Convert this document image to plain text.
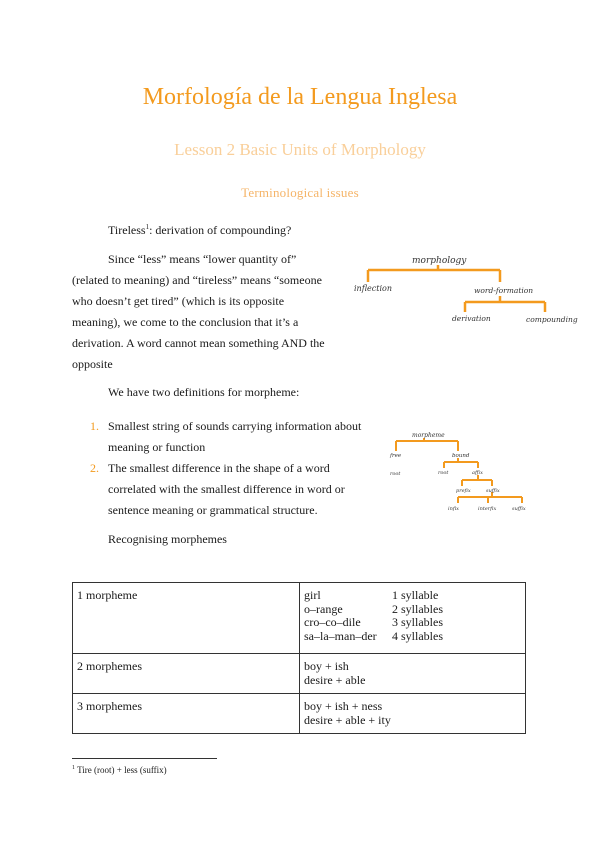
Morfología de la Lengua Inglesa
Lesson 2 Basic Units of Morphology
Terminological issues
Tireless$^1$: derivation of compounding?
Since “less” means “lower quantity of” (related to meaning) and “tireless” means “someone who doesn’t get tired” (which is its opposite meaning), we come to the conclusion that it’s a derivation. A word cannot mean something AND the opposite
morphology
inflection	word-formation
derivation	compounding
We have two definitions for morpheme:
1. Smallest string of sounds carrying information about meaning or function
2. The smallest difference in the shape of a word correlated with the smallest difference in word or sentence meaning or grammatical structure.
morpheme
free	bound
root	root	affix
prefix	suffix
infix	interfix	suffix
Recognising morphemes
1 morpheme	girl 1 syllable
o–range 2 syllables
cro–co–dile 3 syllables
sa–la–man–der 4 syllables

2 morphemes	boy + ish
desire + able

3 morphemes	boy + ish + ness
desire + able + ity
$^1$ Tire (root) + less (suffix)
